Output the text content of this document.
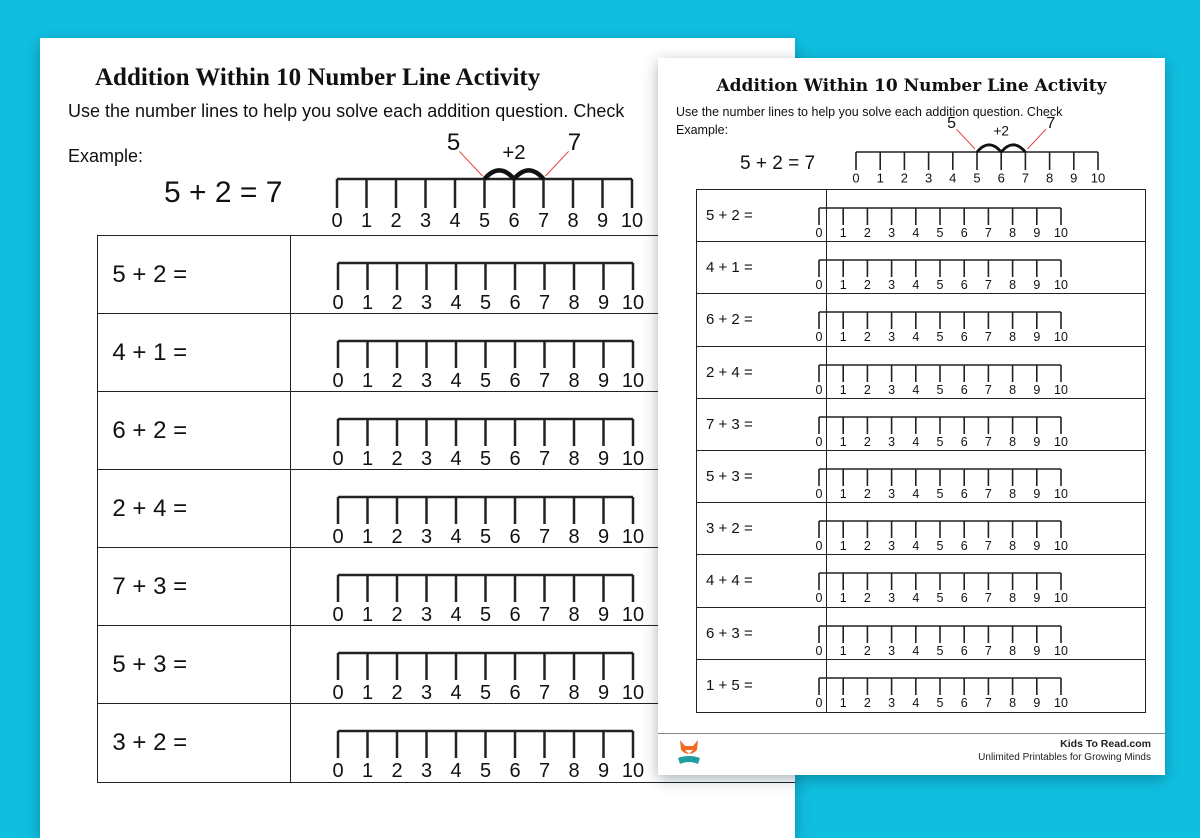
Addition Within 10 Number Line Activity
Use the number lines to help you solve each addition question. Check
Example:
5 + 2 = 7
0 1 2 3 4 5 6 7 8 9 10
5 +2 7
5 + 2 =
0 1 2 3 4 5 6 7 8 9 10
4 + 1 =
0 1 2 3 4 5 6 7 8 9 10
6 + 2 =
0 1 2 3 4 5 6 7 8 9 10
2 + 4 =
0 1 2 3 4 5 6 7 8 9 10
7 + 3 =
0 1 2 3 4 5 6 7 8 9 10
5 + 3 =
0 1 2 3 4 5 6 7 8 9 10
3 + 2 =
0 1 2 3 4 5 6 7 8 9 10
Addition Within 10 Number Line Activity
Use the number lines to help you solve each addition question. Check
Example:
5 + 2 = 7
0 1 2 3 4 5 6 7 8 9 10
5	+2 7
5 + 2 =
0 1 2 3 4 5 6 7 8 9 10
4 + 1 =
0 1 2 3 4 5 6 7 8 9 10
6 + 2 =
0 1 2 3 4 5 6 7 8 9 10
2 + 4 =
0 1 2 3 4 5 6 7 8 9 10
7 + 3 =
0 1 2 3 4 5 6 7 8 9 10
5 + 3 =
0 1 2 3 4 5 6 7 8 9 10
3 + 2 =
0 1 2 3 4 5 6 7 8 9 10
4 + 4 =
0 1 2 3 4 5 6 7 8 9 10
6 + 3 =
0 1 2 3 4 5 6 7 8 9 10
1 + 5 =
0 1 2 3 4 5 6 7 8 9 10
Kids To Read.com
Unlimited Printables for Growing Minds
